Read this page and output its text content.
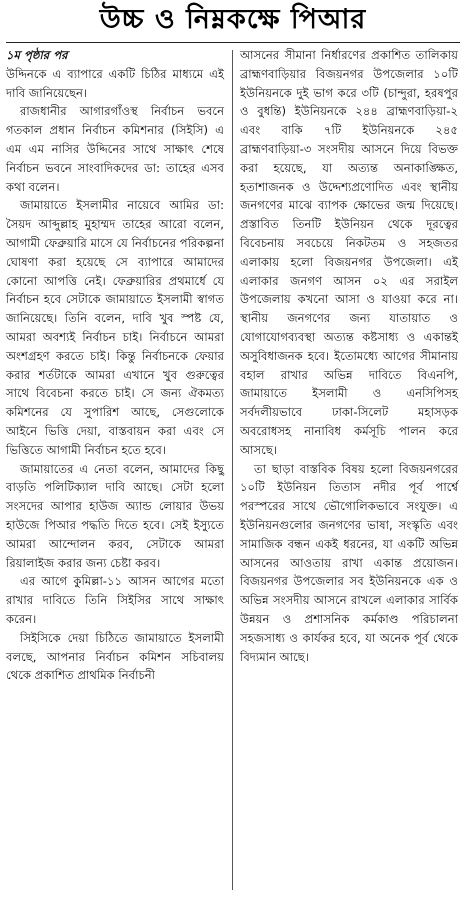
উচ্চ ও নিম্নকক্ষে পিআর

১ম পৃষ্ঠার পর

উদ্দিনকে এ ব্যাপারে একটি চিঠির মাধ্যমে এই দাবি জানিয়েছেন।

রাজধানীর আগারগাঁওস্থ নির্বাচন ভবনে গতকাল প্রধান নির্বাচন কমিশনার (সিইসি) এ এম এম নাসির উদ্দিনের সাথে সাক্ষাৎ শেষে নির্বাচন ভবনে সাংবাদিকদের ডা: তাহের এসব কথা বলেন।

জামায়াতে ইসলামীর নায়েবে আমির ডা: সৈয়দ আব্দুল্লাহ মুহাম্মদ তাহের আরো বলেন, আগামী ফেব্রুয়ারি মাসে যে নির্বাচনের পরিকল্পনা ঘোষণা করা হয়েছে সে ব্যাপারে আমাদের কোনো আপত্তি নেই। ফেব্রুয়ারির প্রথমার্ধে যে নির্বাচন হবে সেটাকে জামায়াতে ইসলামী স্বাগত জানিয়েছে। তিনি বলেন, দাবি খুব স্পষ্ট যে, আমরা অবশ্যই নির্বাচন চাই। নির্বাচনে আমরা অংশগ্রহণ করতে চাই। কিন্তু নির্বাচনকে ফেয়ার করার শর্তটাকে আমরা এখানে খুব গুরুত্বের সাথে বিবেচনা করতে চাই। সে জন্য ঐকমত্য কমিশনের যে সুপারিশ আছে, সেগুলোকে আইনে ভিত্তি দেয়া, বাস্তবায়ন করা এবং সে ভিত্তিতে আগামী নির্বাচন হতে হবে।

জামায়াতের এ নেতা বলেন, আমাদের কিছু বাড়তি পলিটিক্যাল দাবি আছে। সেটা হলো সংসদের আপার হাউজ অ্যান্ড লোয়ার উভয় হাউজে পিআর পদ্ধতি দিতে হবে। সেই ইস্যুতে আমরা আন্দোলন করব, সেটাকে আমরা রিয়ালাইজ করার জন্য চেষ্টা করব।

এর আগে কুমিল্লা-১১ আসন আগের মতো রাখার দাবিতে তিনি সিইসির সাথে সাক্ষাৎ করেন।

সিইসিকে দেয়া চিঠিতে জামায়াতে ইসলামী বলছে, আপনার নির্বাচন কমিশন সচিবালয় থেকে প্রকাশিত প্রাথমিক নির্বাচনী

আসনের সীমানা নির্ধারণের প্রকাশিত তালিকায় ব্রাহ্মণবাড়িয়ার বিজয়নগর উপজেলার ১০টি ইউনিয়নকে দুই ভাগ করে ৩টি (চান্দুরা, হরষপুর ও বুধন্তি) ইউনিয়নকে ২৪৪ ব্রাহ্মণবাড়িয়া-২ এবং বাকি ৭টি ইউনিয়নকে ২৪৫ ব্রাহ্মণবাড়িয়া-৩ সংসদীয় আসনে দিয়ে বিভক্ত করা হয়েছে, যা অত্যন্ত অনাকাঙ্ক্ষিত, হতাশাজনক ও উদ্দেশ্যপ্রণোদিত এবং স্থানীয় জনগণের মাঝে ব্যাপক ক্ষোভের জন্ম দিয়েছে। প্রস্তাবিত তিনটি ইউনিয়ন থেকে দূরত্বের বিবেচনায় সবচেয়ে নিকটতম ও সহজতর এলাকায় হলো বিজয়নগর উপজেলা। এই এলাকার জনগণ আসন ০২ এর সরাইল উপজেলায় কখনো আসা ও যাওয়া করে না। স্থানীয় জনগণের জন্য যাতায়াত ও যোগাযোগব্যবস্থা অত্যন্ত কষ্টসাধ্য ও একান্তই অসুবিধাজনক হবে। ইতোমধ্যে আগের সীমানায় বহাল রাখার অভিন্ন দাবিতে বিএনপি, জামায়াতে ইসলামী ও এনসিপিসহ সর্বদলীয়ভাবে ঢাকা-সিলেট মহাসড়ক অবরোধসহ নানাবিধ কর্মসূচি পালন করে আসছে।

তা ছাড়া বাস্তবিক বিষয় হলো বিজয়নগরের ১০টি ইউনিয়ন তিতাস নদীর পূর্ব পার্শ্বে পরস্পরের সাথে ভৌগোলিকভাবে সংযুক্ত। এ ইউনিয়নগুলোর জনগণের ভাষা, সংস্কৃতি এবং সামাজিক বন্ধন একই ধরনের, যা একটি অভিন্ন আসনের আওতায় রাখা একান্ত প্রয়োজন। বিজয়নগর উপজেলার সব ইউনিয়নকে এক ও অভিন্ন সংসদীয় আসনে রাখলে এলাকার সার্বিক উন্নয়ন ও প্রশাসনিক কর্মকাণ্ড পরিচালনা সহজসাধ্য ও কার্যকর হবে, যা অনেক পূর্ব থেকে বিদ্যমান আছে।
